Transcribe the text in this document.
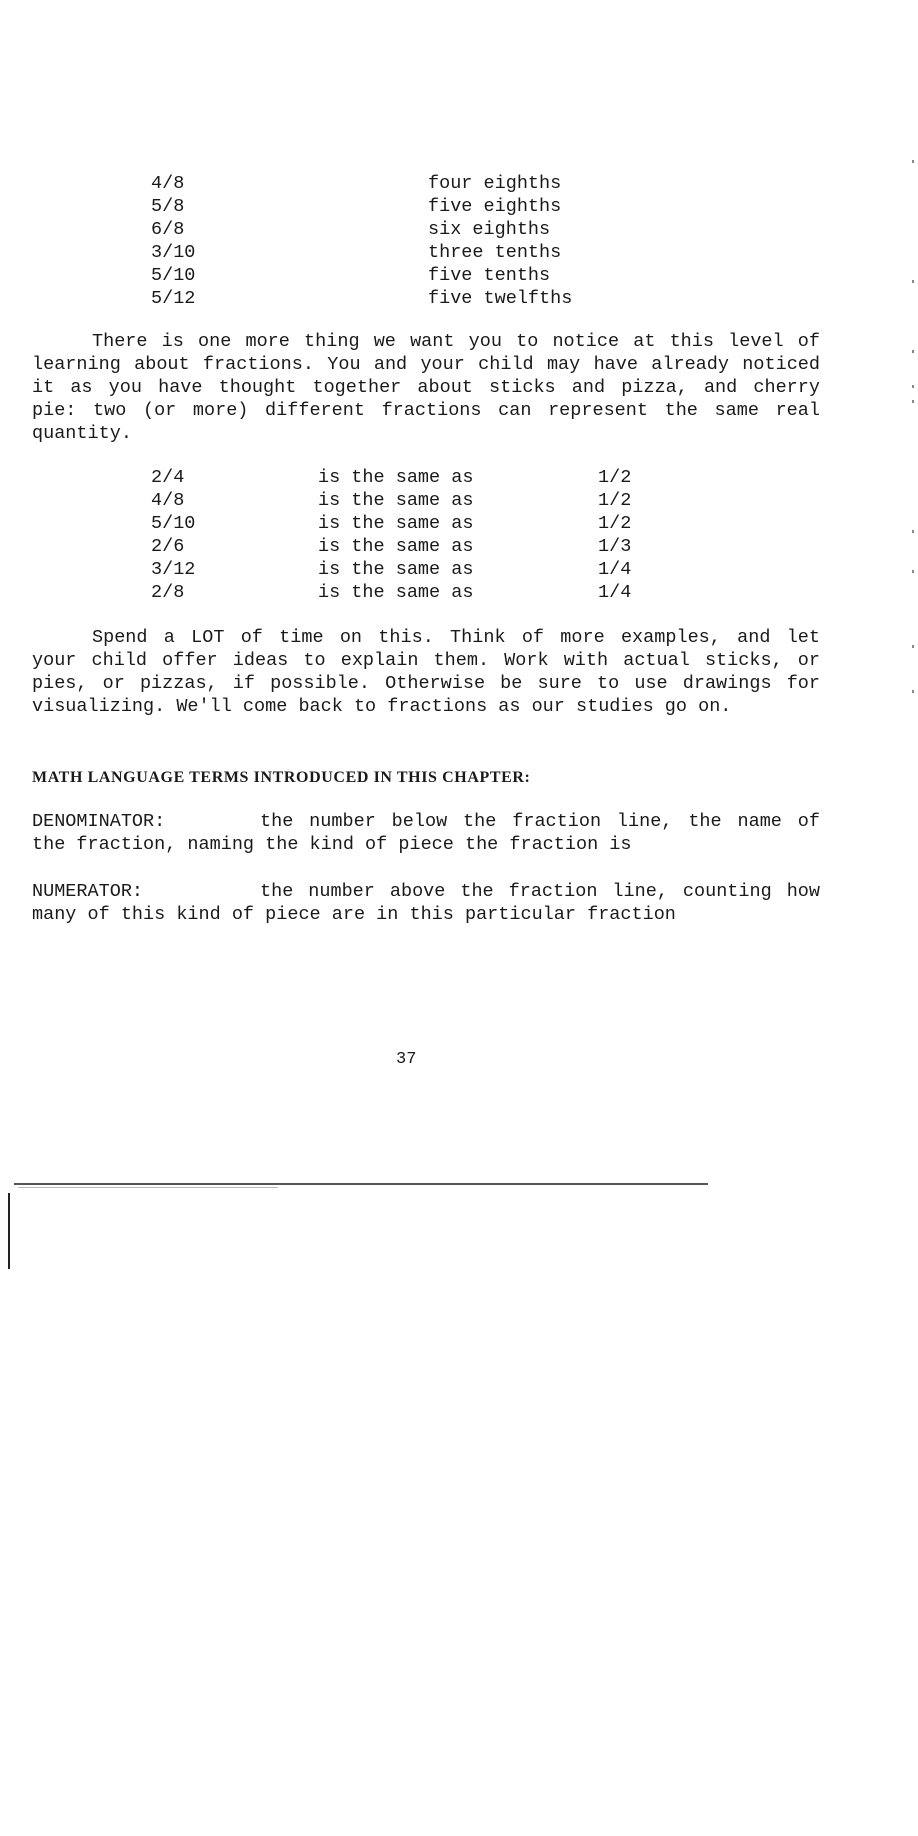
4/8	four eighths
5/8	five eighths
6/8	six eighths
3/10	three tenths
5/10	five tenths
5/12	five twelfths
There is one more thing we want you to notice at this level of
learning about fractions. You and your child may have already noticed
it as you have thought together about sticks and pizza, and cherry
pie: two (or more) different fractions can represent the same real
quantity.
2/4	is the same as	1/2
4/8	is the same as	1/2
5/10	is the same as	1/2
2/6	is the same as	1/3
3/12	is the same as	1/4
2/8	is the same as	1/4
Spend a LOT of time on this. Think of more examples, and let
your child offer ideas to explain them. Work with actual sticks, or
pies, or pizzas, if possible. Otherwise be sure to use drawings for
visualizing. We'll come back to fractions as our studies go on.
MATH LANGUAGE TERMS INTRODUCED IN THIS CHAPTER:
DENOMINATOR:	the number below the fraction line, the name of
the fraction, naming the kind of piece the fraction is
NUMERATOR:	the number above the fraction line, counting how
many of this kind of piece are in this particular fraction
37
